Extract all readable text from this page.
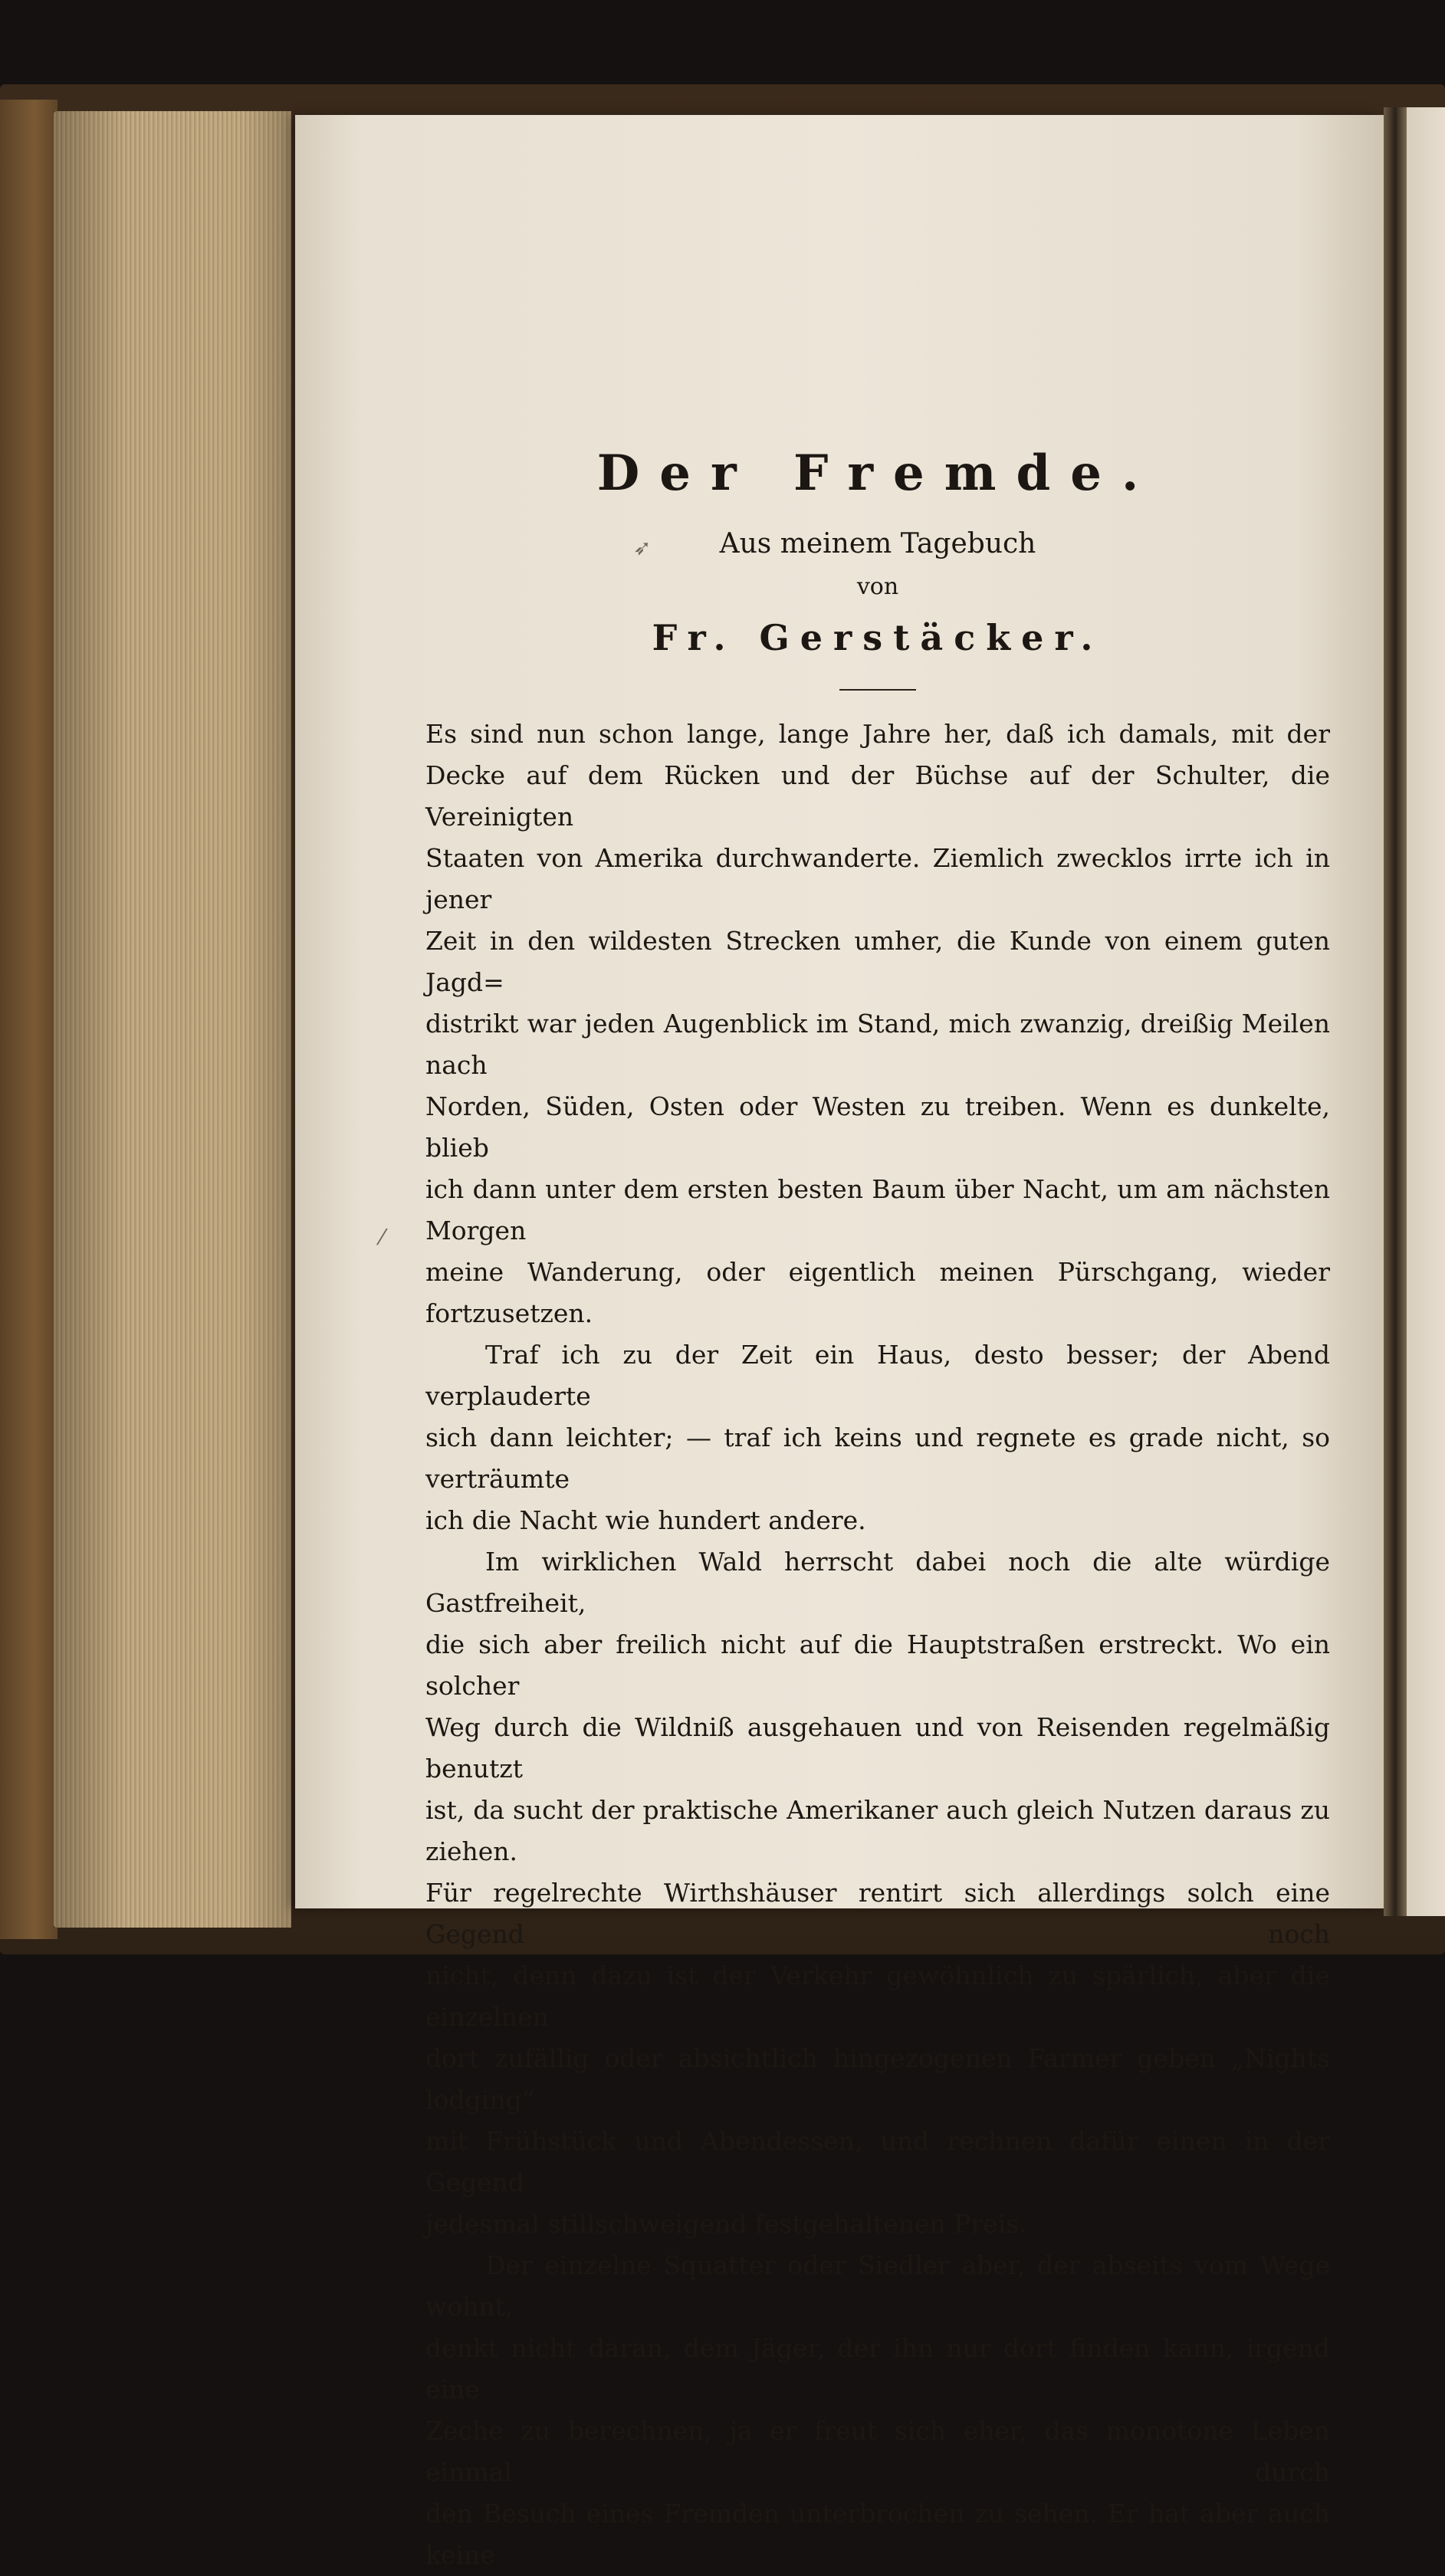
➶
⁄
Der Fremde.
Aus meinem Tagebuch
von
Fr. Gerstäcker.

Es sind nun schon lange, lange Jahre her, daß ich damals, mit der
Decke auf dem Rücken und der Büchse auf der Schulter, die Vereinigten
Staaten von Amerika durchwanderte. Ziemlich zwecklos irrte ich in jener
Zeit in den wildesten Strecken umher, die Kunde von einem guten Jagd=
distrikt war jeden Augenblick im Stand, mich zwanzig, dreißig Meilen nach
Norden, Süden, Osten oder Westen zu treiben. Wenn es dunkelte, blieb
ich dann unter dem ersten besten Baum über Nacht, um am nächsten Morgen
meine Wanderung, oder eigentlich meinen Pürschgang, wieder fortzusetzen.

Traf ich zu der Zeit ein Haus, desto besser; der Abend verplauderte
sich dann leichter; — traf ich keins und regnete es grade nicht, so verträumte
ich die Nacht wie hundert andere.

Im wirklichen Wald herrscht dabei noch die alte würdige Gastfreiheit,
die sich aber freilich nicht auf die Hauptstraßen erstreckt. Wo ein solcher
Weg durch die Wildniß ausgehauen und von Reisenden regelmäßig benutzt
ist, da sucht der praktische Amerikaner auch gleich Nutzen daraus zu ziehen.
Für regelrechte Wirthshäuser rentirt sich allerdings solch eine Gegend noch
nicht, denn dazu ist der Verkehr gewöhnlich zu spärlich, aber die einzelnen
dort zufällig oder absichtlich hingezogenen Farmer geben „Nights lodging“
mit Frühstück und Abendessen, und rechnen dafür einen in der Gegend
jedesmal stillschweigend festgehaltenen Preis.

Der einzelne Squatter oder Siedler aber, der abseits vom Wege wohnt,
denkt nicht daran, dem Jäger, der ihn nur dort finden kann, irgend eine
Zeche zu berechnen, ja er freut sich eher, das monotone Leben einmal durch
den Besuch eines Fremden unterbrochen zu sehen. Er hat aber auch keine
